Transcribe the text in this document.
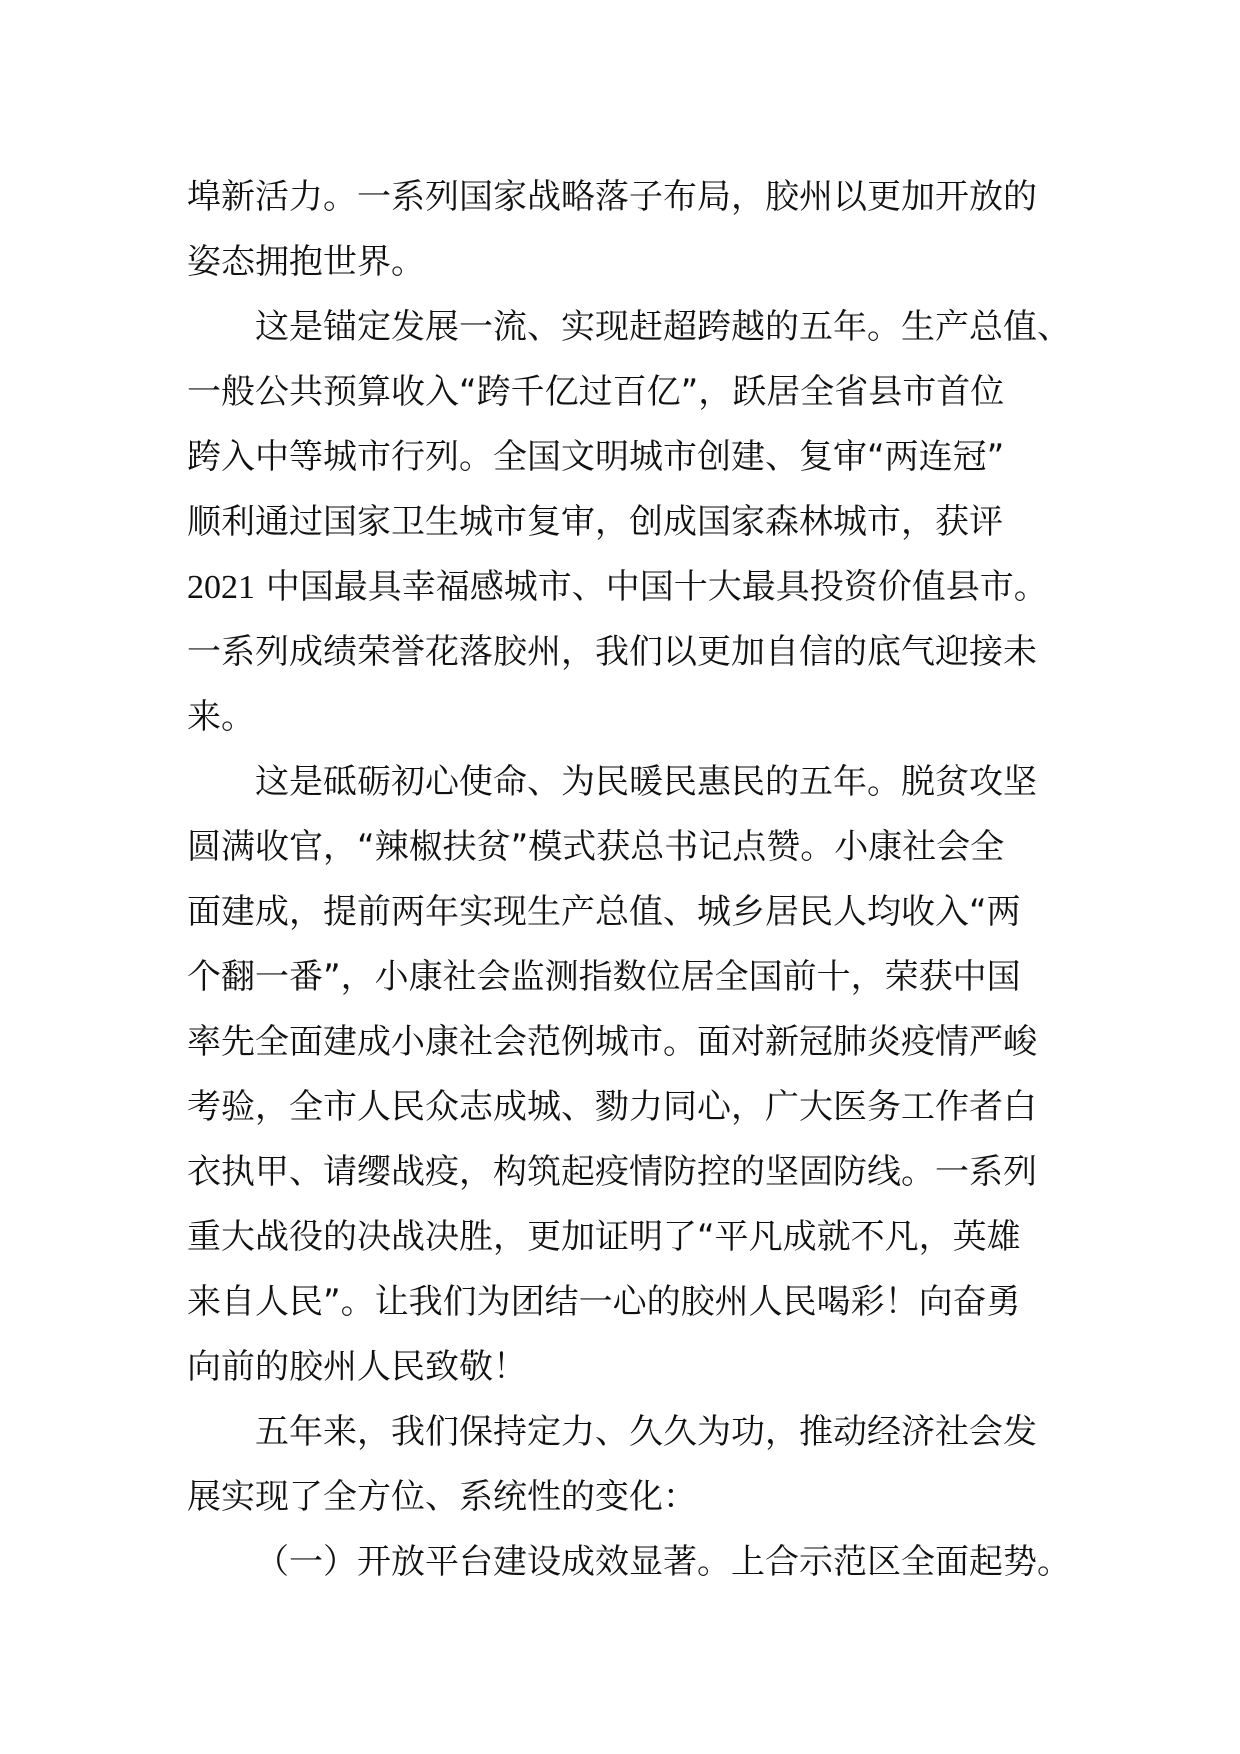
埠新活力。一系列国家战略落子布局，胶州以更加开放的
姿态拥抱世界。
这是锚定发展一流、实现赶超跨越的五年。生产总值、
一般公共预算收入“跨千亿过百亿”，跃居全省县市首位
跨入中等城市行列。全国文明城市创建、复审“两连冠”
顺利通过国家卫生城市复审，创成国家森林城市，获评
2021 中国最具幸福感城市、中国十大最具投资价值县市。
一系列成绩荣誉花落胶州，我们以更加自信的底气迎接未
来。
这是砥砺初心使命、为民暖民惠民的五年。脱贫攻坚
圆满收官，“辣椒扶贫”模式获总书记点赞。小康社会全
面建成，提前两年实现生产总值、城乡居民人均收入“两
个翻一番”，小康社会监测指数位居全国前十，荣获中国
率先全面建成小康社会范例城市。面对新冠肺炎疫情严峻
考验，全市人民众志成城、勠力同心，广大医务工作者白
衣执甲、请缨战疫，构筑起疫情防控的坚固防线。一系列
重大战役的决战决胜，更加证明了“平凡成就不凡，英雄
来自人民”。让我们为团结一心的胶州人民喝彩！向奋勇
向前的胶州人民致敬！
五年来，我们保持定力、久久为功，推动经济社会发
展实现了全方位、系统性的变化：
（一）开放平台建设成效显著。上合示范区全面起势。
